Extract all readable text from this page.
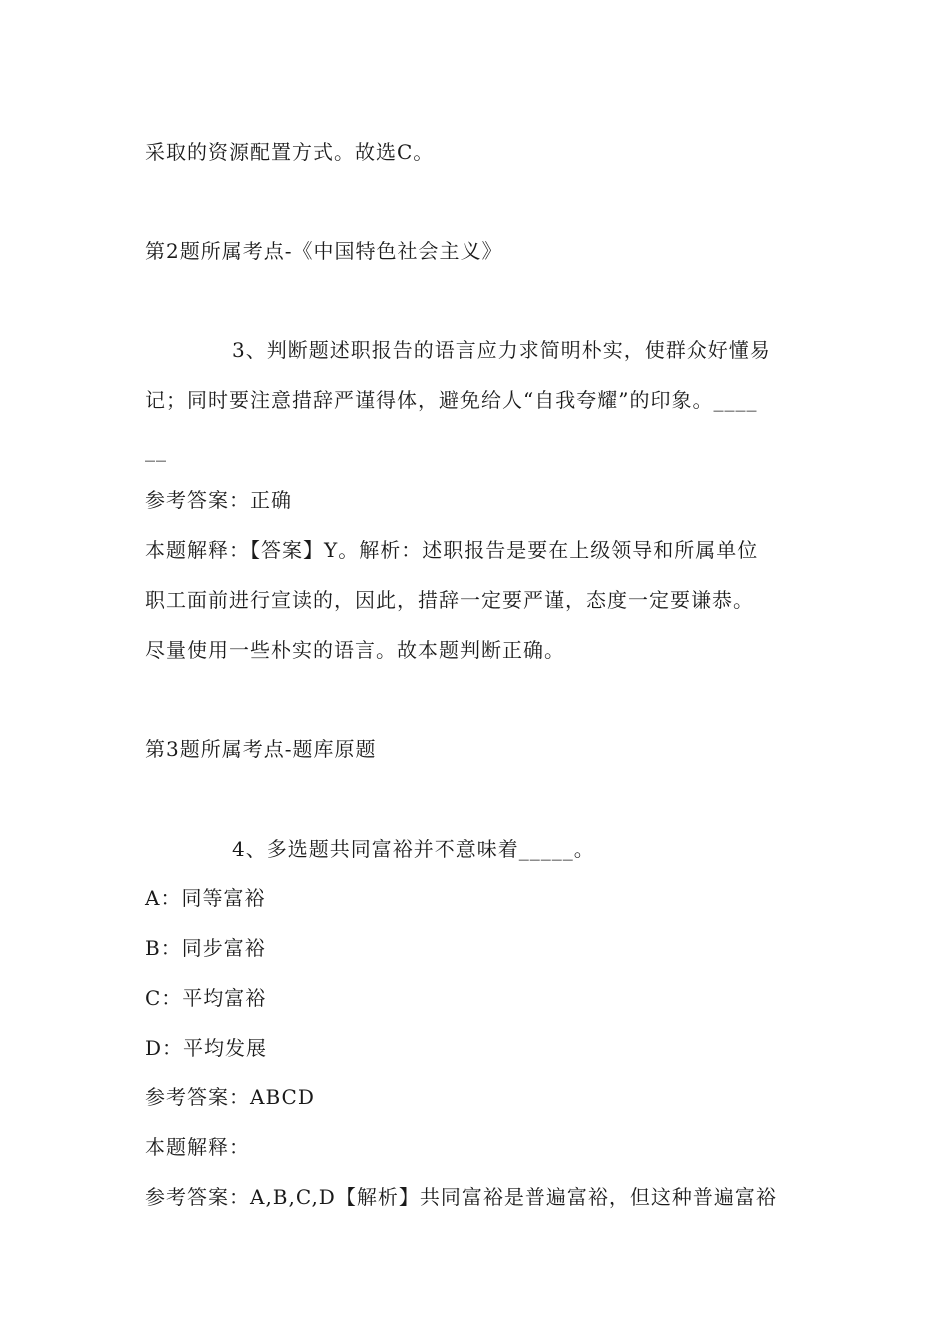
采取的资源配置方式。故选C。
第2题所属考点-《中国特色社会主义》
3、判断题述职报告的语言应力求简明朴实，使群众好懂易
记；同时要注意措辞严谨得体，避免给人“自我夸耀”的印象。____
__
参考答案：正确
本题解释：【答案】Y。解析：述职报告是要在上级领导和所属单位
职工面前进行宣读的，因此，措辞一定要严谨，态度一定要谦恭。
尽量使用一些朴实的语言。故本题判断正确。
第3题所属考点-题库原题
4、多选题共同富裕并不意味着_____。
A：同等富裕
B：同步富裕
C：平均富裕
D：平均发展
参考答案：ABCD
本题解释：
参考答案：A,B,C,D【解析】共同富裕是普遍富裕，但这种普遍富裕
